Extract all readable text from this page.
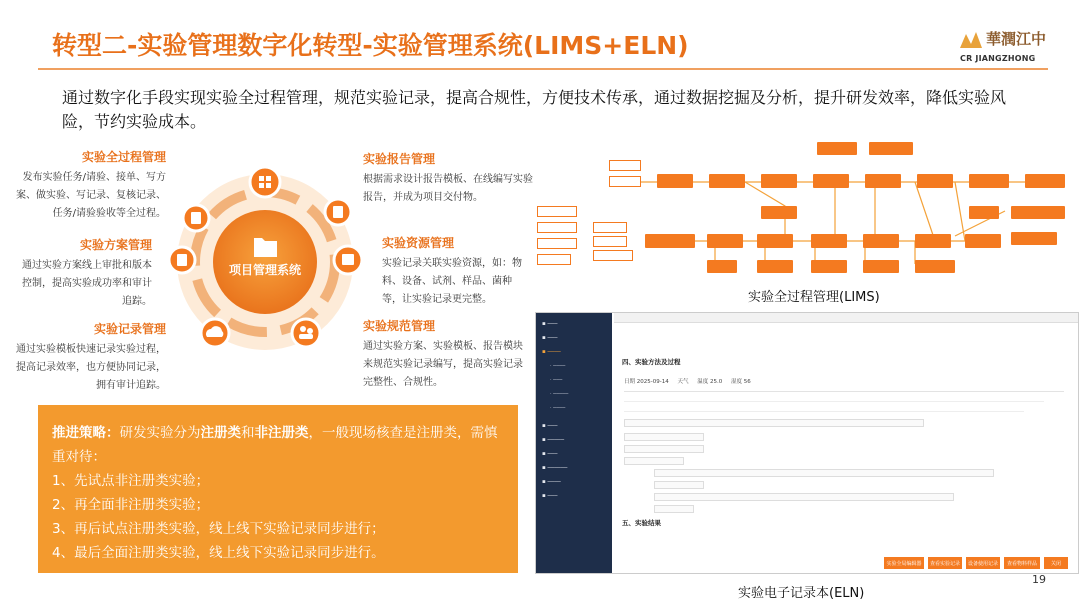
转型二-实验管理数字化转型-实验管理系统(LIMS+ELN)	華潤江中
CR JIANGZHONG
通过数字化手段实现实验全过程管理，规范实验记录，提高合规性，方便技术传承，通过数据挖掘及分析，提升研发效率，降低实验风险，节约实验成本。
实验全过程管理
发布实验任务/请验、接单、写方案、做实验、写记录、复核记录、任务/请验验收等全过程。
实验方案管理
通过实验方案线上审批和版本控制，提高实验成功率和审计追踪。
实验记录管理
通过实验模板快速记录实验过程，提高记录效率，也方便协同记录，拥有审计追踪。
实验报告管理
根据需求设计报告模板、在线编写实验报告，并成为项目交付物。
实验资源管理
实验记录关联实验资源，如：物料、设备、试剂、样品、菌种等，让实验记录更完整。
实验规范管理
通过实验方案、实验模板、报告模块来规范实验记录编写，提高实验记录完整性、合规性。
项目管理系统

推进策略：研发实验分为注册类和非注册类，一般现场核查是注册类，需慎重对待：

1、先试点非注册类实验；

2、再全面非注册类实验；

3、再后试点注册类实验，线上线下实验记录同步进行；

4、最后全面注册类实验，线上线下实验记录同步进行。

实验全过程管理(LIMS)
▪ ───
▪ ───
▪ ────
· ────
· ───
· ─────
· ────
▪ ───
▪ ─────
▪ ───
▪ ──────
▪ ────
▪ ───
四、实验方法及过程
日期 2025-09-14 天气 温度 25.0 湿度 56
五、实验结果
实验全局编辑器	查看实验记录	设备使用记录	查看物料样品	关闭
实验电子记录本(ELN)
19
